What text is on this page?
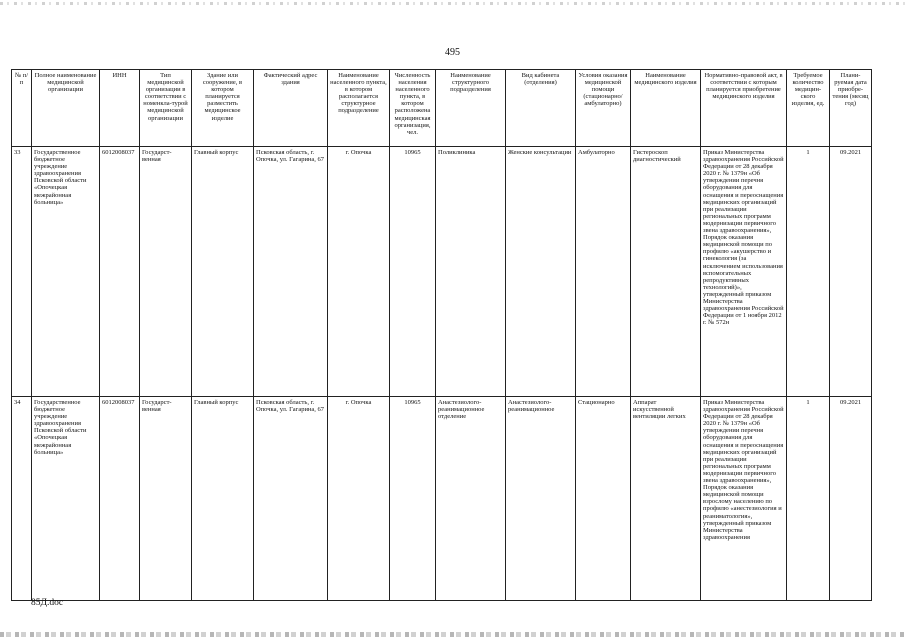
495
№ п/п	Полное наименование медицинской организации	ИНН	Тип медицинской организации в соответствии с номенкла-турой медицинской организации	Здание или сооружение, в котором планируется разместить медицинское изделие	Фактический адрес здания	Наименование населенного пункта, в котором располагается структурное подразделение	Численность населения населенного пункта, в котором расположена медицинская организация, чел.	Наименование структурного подразделения	Вид кабинета (отделения)	Условия оказания медицинской помощи (стационарно/ амбулаторно)	Наименование медицинского изделия	Нормативно-правовой акт, в соответствии с которым планируется приобретение медицинского изделия	Требуемое количество медицин-ского изделия, ед.	Плани-руемая дата приобре-тения (месяц год)
33	Государственное бюджетное учреждение здравоохранения Псковской области «Опочецкая межрайонная больница»	6012008037	Государст-венная	Главный корпус	Псковская область, г. Опочка, ул. Гагарина, 67	г. Опочка	10965	Поликлиника	Женские консультации	Амбулаторно	Гистероскоп диагностический	Приказ Министерства здравоохранения Российской Федерации от 28 декабря 2020 г. № 1379н «Об утверждении перечня оборудования для оснащения и переоснащения медицинских организаций при реализации региональных программ модернизации первичного звена здравоохранения», Порядок оказания медицинской помощи по профилю «акушерство и гинекология (за исключением использования вспомогательных репродуктивных технологий)», утвержденный приказом Министерства здравоохранения Российской Федерации от 1 ноября 2012 г. № 572н	1	09.2021
34	Государственное бюджетное учреждение здравоохранения Псковской области «Опочецкая межрайонная больница»	6012008037	Государст-венная	Главный корпус	Псковская область, г. Опочка, ул. Гагарина, 67	г. Опочка	10965	Анастезиолого-реанимационное отделение	Анастезиолого-реанимационное	Стационарно	Аппарат искусственной вентиляции легких	Приказ Министерства здравоохранения Российской Федерации от 28 декабря 2020 г. № 1379н «Об утверждении перечня оборудования для оснащения и переоснащения медицинских организаций при реализации региональных программ модернизации первичного звена здравоохранения», Порядок оказания медицинской помощи взрослому населению по профилю «анестезиология и реаниматология», утвержденный приказом Министерства здравоохранения	1	09.2021
85Д.doc
